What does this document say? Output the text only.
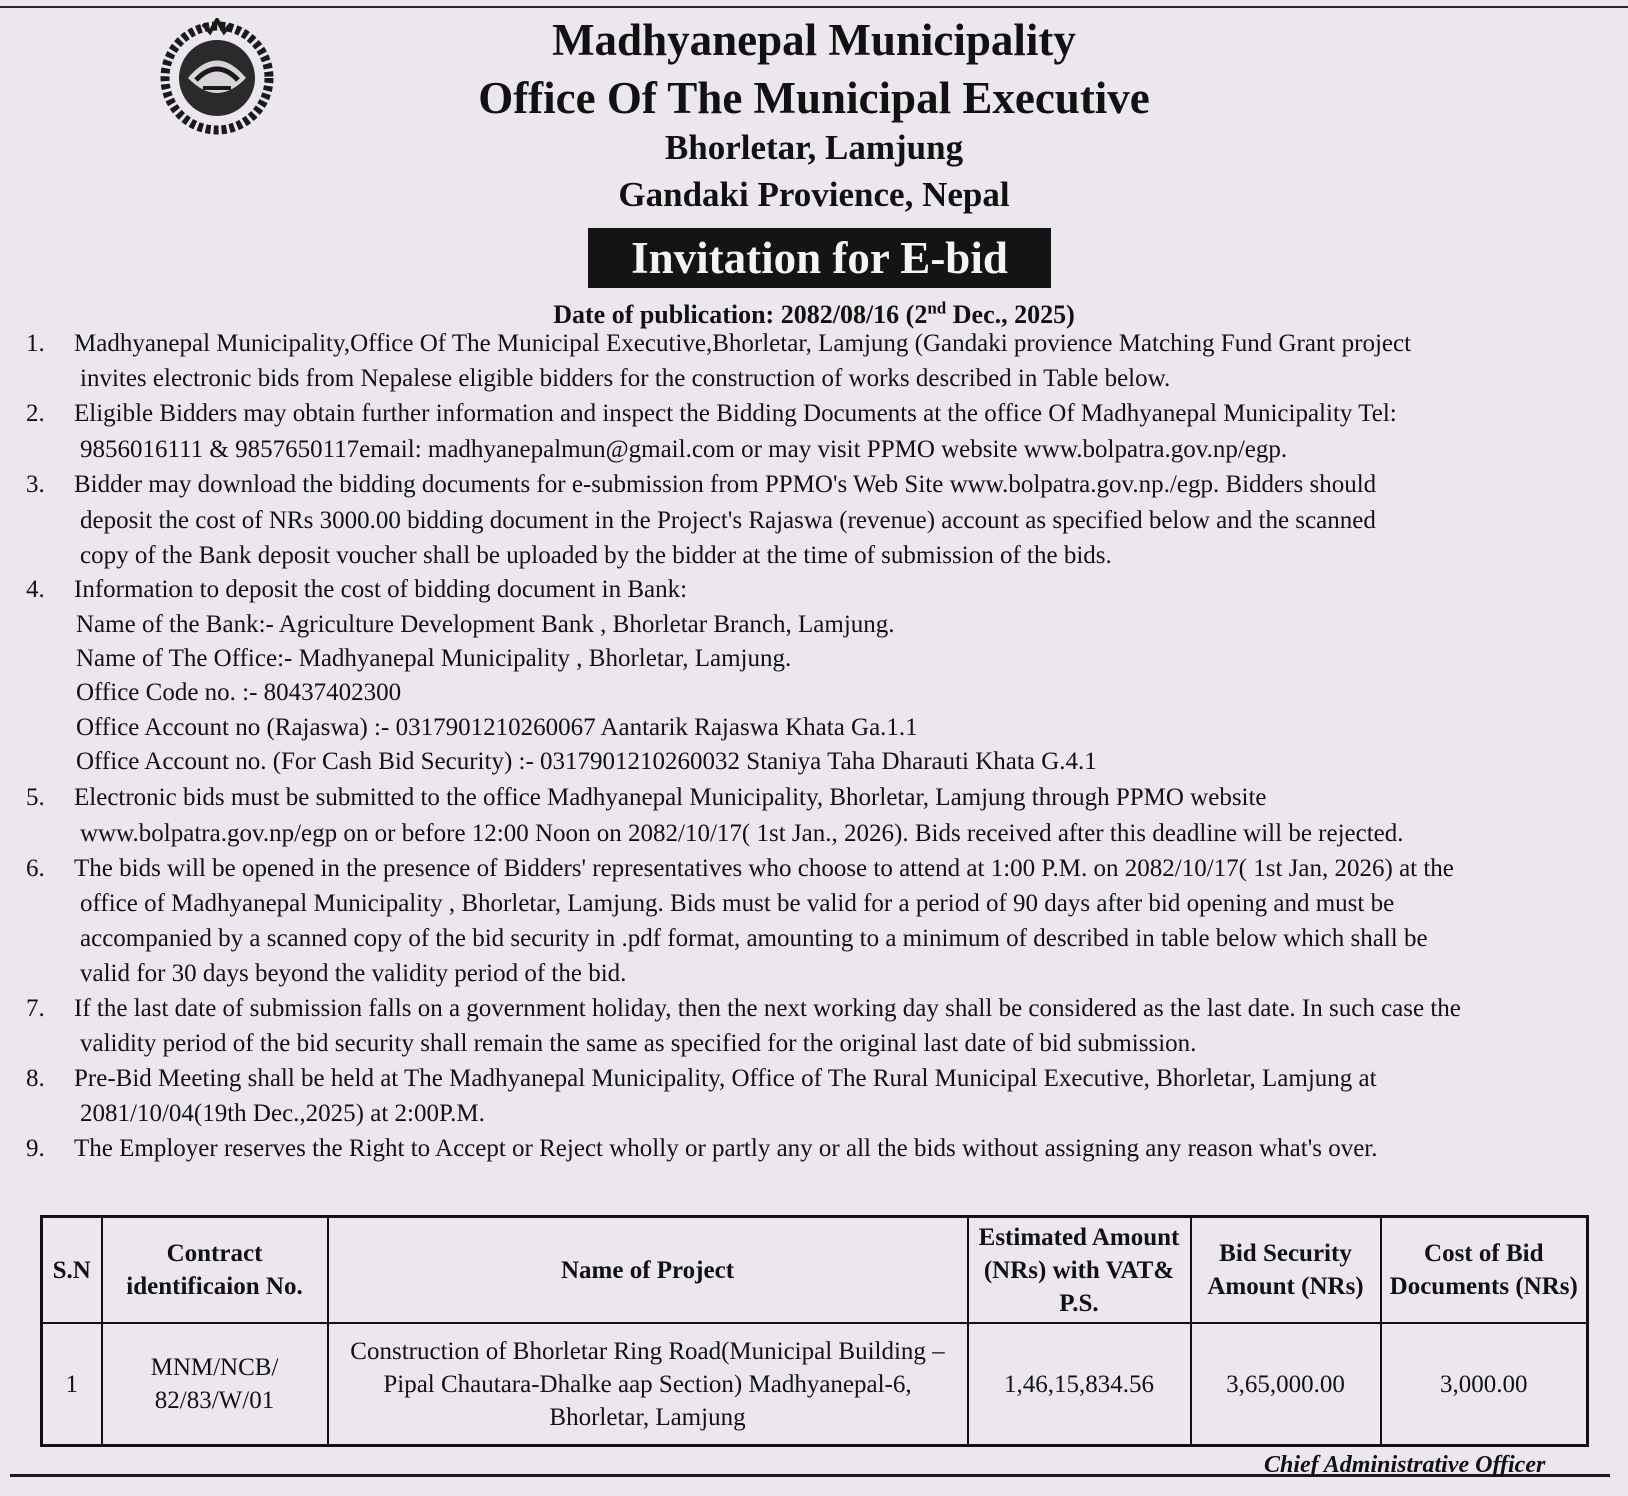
Madhyanepal Municipality
Office Of The Municipal Executive
Bhorletar, Lamjung
Gandaki Provience, Nepal
Invitation for E-bid
Date of publication: 2082/08/16 (2nd Dec., 2025)
1. Madhyanepal Municipality,Office Of The Municipal Executive,Bhorletar, Lamjung (Gandaki provience Matching Fund Grant project
invites electronic bids from Nepalese eligible bidders for the construction of works described in Table below.
2. Eligible Bidders may obtain further information and inspect the Bidding Documents at the office Of Madhyanepal Municipality Tel:
9856016111 & 9857650117email: madhyanepalmun@gmail.com or may visit PPMO website www.bolpatra.gov.np/egp.
3. Bidder may download the bidding documents for e-submission from PPMO's Web Site www.bolpatra.gov.np./egp. Bidders should
deposit the cost of NRs 3000.00 bidding document in the Project's Rajaswa (revenue) account as specified below and the scanned
copy of the Bank deposit voucher shall be uploaded by the bidder at the time of submission of the bids.
4. Information to deposit the cost of bidding document in Bank:
Name of the Bank:- Agriculture Development Bank , Bhorletar Branch, Lamjung.
Name of The Office:- Madhyanepal Municipality , Bhorletar, Lamjung.
Office Code no. :- 80437402300
Office Account no (Rajaswa) :- 0317901210260067 Aantarik Rajaswa Khata Ga.1.1
Office Account no. (For Cash Bid Security) :- 0317901210260032 Staniya Taha Dharauti Khata G.4.1
5. Electronic bids must be submitted to the office Madhyanepal Municipality, Bhorletar, Lamjung through PPMO website
www.bolpatra.gov.np/egp on or before 12:00 Noon on 2082/10/17( 1st Jan., 2026). Bids received after this deadline will be rejected.
6. The bids will be opened in the presence of Bidders' representatives who choose to attend at 1:00 P.M. on 2082/10/17( 1st Jan, 2026) at the
office of Madhyanepal Municipality , Bhorletar, Lamjung. Bids must be valid for a period of 90 days after bid opening and must be
accompanied by a scanned copy of the bid security in .pdf format, amounting to a minimum of described in table below which shall be
valid for 30 days beyond the validity period of the bid.
7. If the last date of submission falls on a government holiday, then the next working day shall be considered as the last date. In such case the
validity period of the bid security shall remain the same as specified for the original last date of bid submission.
8. Pre-Bid Meeting shall be held at The Madhyanepal Municipality, Office of The Rural Municipal Executive, Bhorletar, Lamjung at
2081/10/04(19th Dec.,2025) at 2:00P.M.
9. The Employer reserves the Right to Accept or Reject wholly or partly any or all the bids without assigning any reason what's over.
S.N	Contract identificaion No.	Name of Project	Estimated Amount (NRs) with VAT& P.S.	Bid Security Amount (NRs)	Cost of Bid Documents (NRs)
1	MNM/NCB/ 82/83/W/01	Construction of Bhorletar Ring Road(Municipal Building –Pipal Chautara-Dhalke aap Section) Madhyanepal-6, Bhorletar, Lamjung	1,46,15,834.56	3,65,000.00	3,000.00
Chief Administrative Officer
